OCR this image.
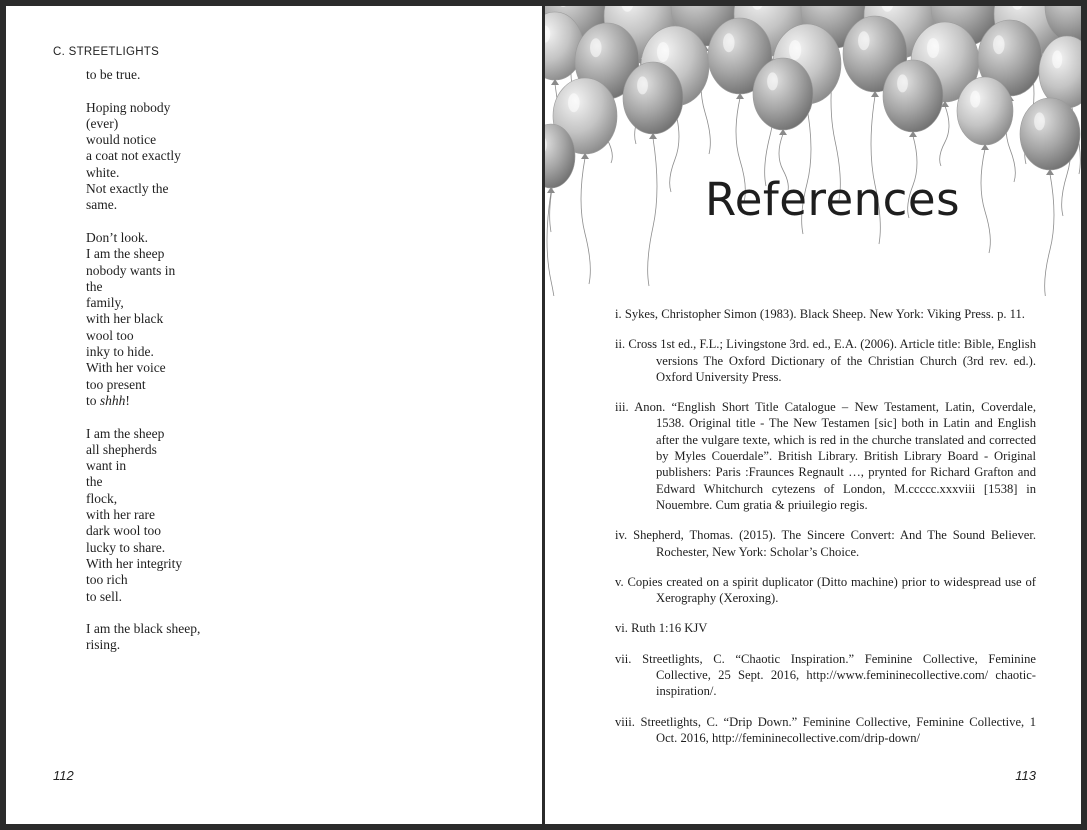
C. STREETLIGHTS
to be true.
Hoping nobody
(ever)
would notice
a coat not exactly
white.
Not exactly the
same.
Don’t look.
I am the sheep
nobody wants in
the
family,
with her black
wool too
inky to hide.
With her voice
too present
to shhh!
I am the sheep
all shepherds
want in
the
flock,
with her rare
dark wool too
lucky to share.
With her integrity
too rich
to sell.
I am the black sheep,
rising.
112
References
i. Sykes, Christopher Simon (1983). Black Sheep. New York: Viking Press. p. 11.
ii. Cross 1st ed., F.L.; Livingstone 3rd. ed., E.A. (2006). Article title: Bible, English versions The Oxford Dictionary of the Christian Church (3rd rev. ed.). Oxford University Press.
iii. Anon. “English Short Title Catalogue – New Testament, Latin, Coverdale, 1538. Original title - The New Testamen [sic] both in Latin and English after the vulgare texte, which is red in the churche translated and corrected by Myles Couerdale”. British Library. British Library Board - Original publishers: Paris :Fraunces Regnault …, prynted for Richard Grafton and Edward Whitchurch cytezens of London, M.ccccc.xxxviii [1538] in Nouembre. Cum gratia & priuilegio regis.
iv. Shepherd, Thomas. (2015). The Sincere Convert: And The Sound Believer. Rochester, New York: Scholar’s Choice.
v. Copies created on a spirit duplicator (Ditto machine) prior to widespread use of Xerography (Xeroxing).
vi. Ruth 1:16 KJV
vii. Streetlights, C. “Chaotic Inspiration.” Feminine Collective, Feminine Collective, 25 Sept. 2016, http://www.femininecollective.com/ chaotic-inspiration/.
viii. Streetlights, C. “Drip Down.” Feminine Collective, Feminine Collective, 1 Oct. 2016, http://femininecollective.com/drip-down/
113
